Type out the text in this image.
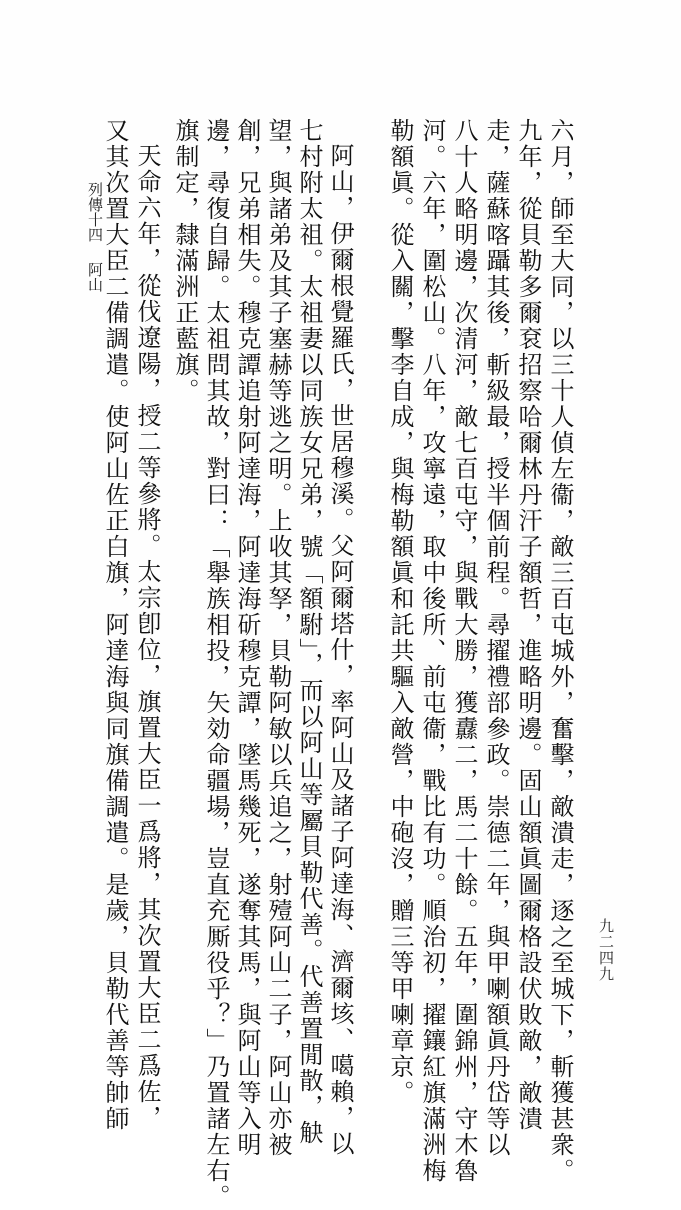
九二四九
列傳十四阿山	六月，師至大同，以三十人偵左衞，敵三百屯城外，奮擊，敵潰走，逐之至城下，斬獲甚衆。
九年，從貝勒多爾袞招察哈爾林丹汗子額哲，進略明邊。固山額眞圖爾格設伏敗敵，敵潰
走，薩蘇喀躡其後，斬級最，授半個前程。尋擢禮部參政。崇德二年，與甲喇額眞丹岱等以
八十人略明邊，次清河，敵七百屯守，與戰大勝，獲纛二，馬二十餘。五年，圍錦州，守木魯
河。六年，圍松山。八年，攻寧遠，取中後所、前屯衞，戰比有功。順治初，擢鑲紅旗滿洲梅
勒額眞。從入關，擊李自成，與梅勒額眞和託共驅入敵營，中砲沒，贈三等甲喇章京。
阿山，伊爾根覺羅氏，世居穆溪。父阿爾塔什，率阿山及諸子阿達海、濟爾垓、噶賴，以
七村附太祖。太祖妻以同族女兄弟，號「額駙」，而以阿山等屬貝勒代善。代善置閒散，觖
望，與諸弟及其子塞赫等逃之明。上收其孥，貝勒阿敏以兵追之，射殪阿山二子，阿山亦被
創，兄弟相失。穆克譚追射阿達海，阿達海斫穆克譚，墜馬幾死，遂奪其馬，與阿山等入明
邊，尋復自歸。太祖問其故，對曰：「舉族相投，矢効命疆場，豈直充厮役乎？」乃置諸左右。
旗制定，隸滿洲正藍旗。
天命六年，從伐遼陽，授二等參將。太宗卽位，旗置大臣一爲將，其次置大臣二爲佐，
又其次置大臣二備調遣。使阿山佐正白旗，阿達海與同旗備調遣。是歲，貝勒代善等帥師
